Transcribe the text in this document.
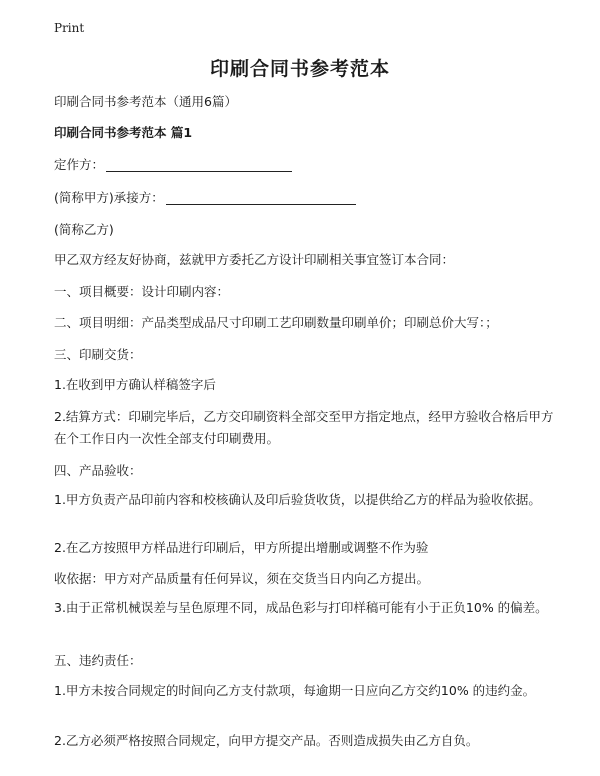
Print
印刷合同书参考范本
印刷合同书参考范本（通用6篇）
印刷合同书参考范本 篇1
定作方：
(简称甲方)承接方：
(简称乙方)
甲乙双方经友好协商，兹就甲方委托乙方设计印刷相关事宜签订本合同：
一、项目概要：设计印刷内容：
二、项目明细：产品类型成品尺寸印刷工艺印刷数量印刷单价；印刷总价大写：；
三、印刷交货：
1.在收到甲方确认样稿签字后
2.结算方式：印刷完毕后，乙方交印刷资料全部交至甲方指定地点，经甲方验收合格后甲方在个工作日内一次性全部支付印刷费用。
四、产品验收：
1.甲方负责产品印前内容和校核确认及印后验货收货，以提供给乙方的样品为验收依据。
2.在乙方按照甲方样品进行印刷后，甲方所提出增删或调整不作为验
收依据：甲方对产品质量有任何异议，须在交货当日内向乙方提出。
3.由于正常机械误差与呈色原理不同，成品色彩与打印样稿可能有小于正负10% 的偏差。
五、违约责任：
1.甲方未按合同规定的时间向乙方支付款项，每逾期一日应向乙方交约10% 的违约金。
2.乙方必须严格按照合同规定，向甲方提交产品。否则造成损失由乙方自负。
